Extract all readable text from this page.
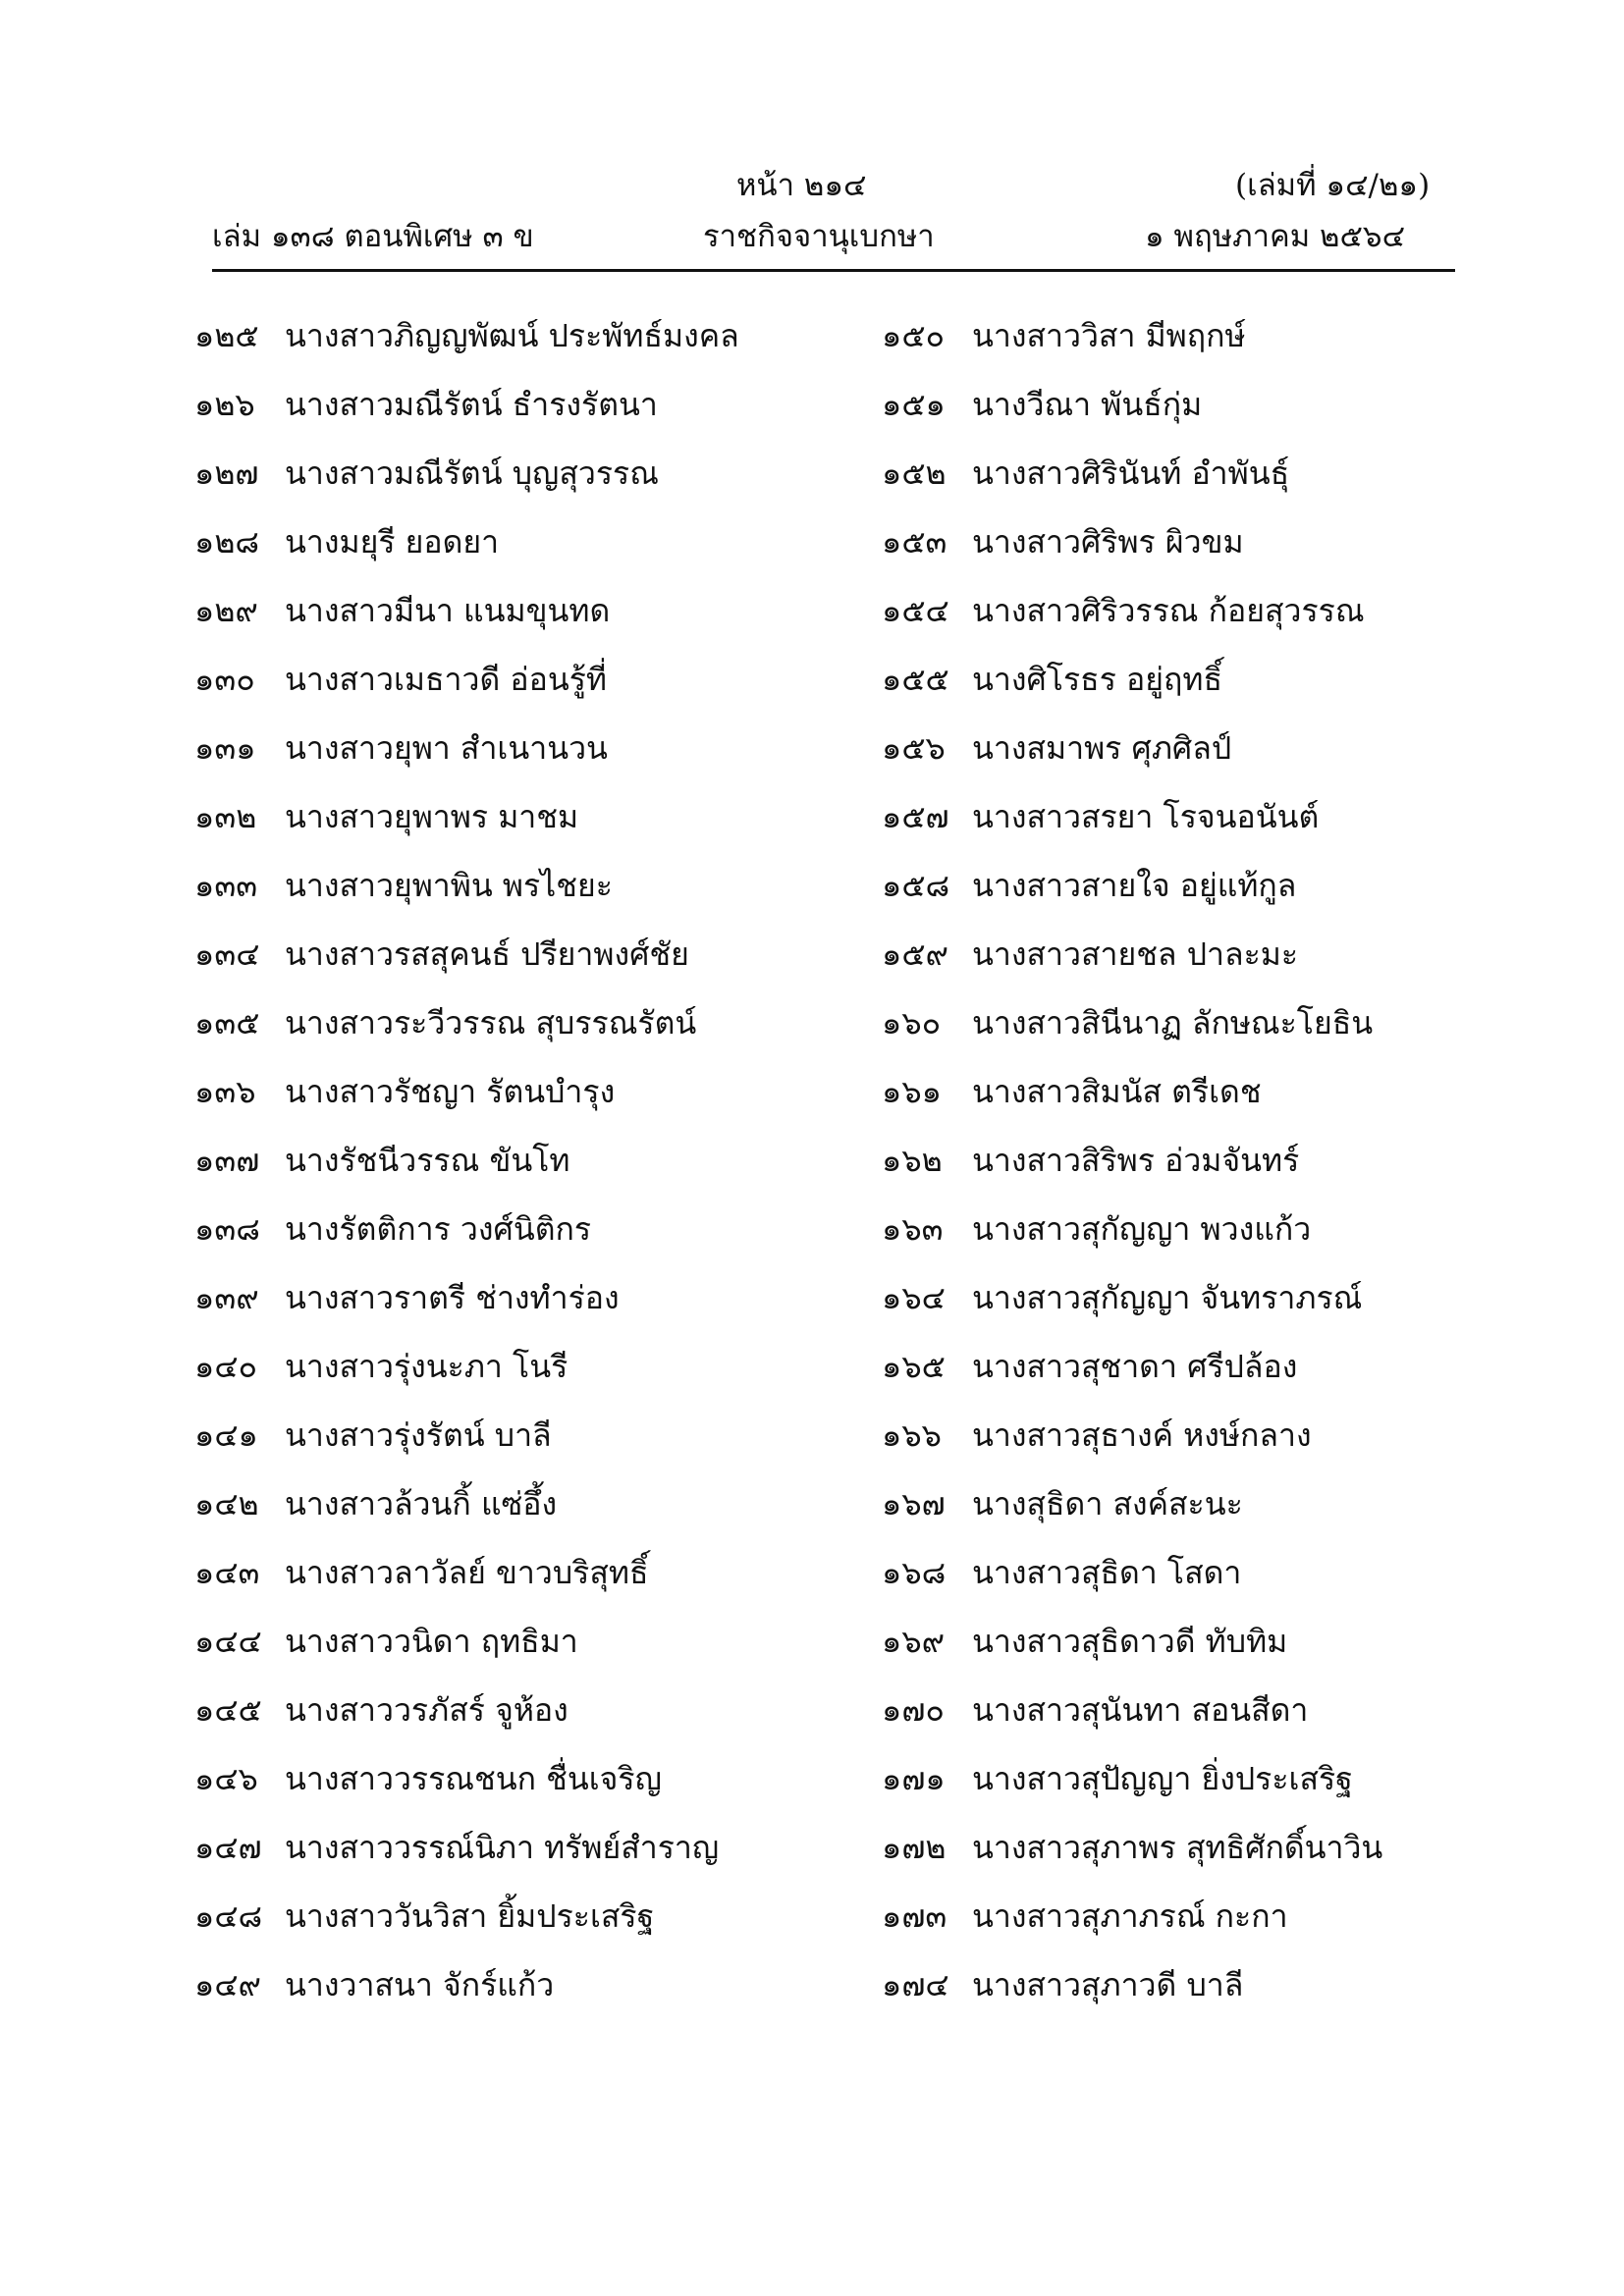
หน้า ๒๑๔	(เล่มที่ ๑๔/๒๑)
เล่ม ๑๓๘ ตอนพิเศษ ๓ ข	ราชกิจจานุเบกษา	๑ พฤษภาคม ๒๕๖๔
๑๒๕ นางสาวภิญญพัฒน์ ประพัทธ์มงคล
๑๒๖ นางสาวมณีรัตน์ ธำรงรัตนา
๑๒๗ นางสาวมณีรัตน์ บุญสุวรรณ
๑๒๘ นางมยุรี ยอดยา
๑๒๙ นางสาวมีนา แนมขุนทด
๑๓๐ นางสาวเมธาวดี อ่อนรู้ที่
๑๓๑ นางสาวยุพา สำเนานวน
๑๓๒ นางสาวยุพาพร มาชม
๑๓๓ นางสาวยุพาพิน พรไชยะ
๑๓๔ นางสาวรสสุคนธ์ ปรียาพงศ์ชัย
๑๓๕ นางสาวระวีวรรณ สุบรรณรัตน์
๑๓๖ นางสาวรัชญา รัตนบำรุง
๑๓๗ นางรัชนีวรรณ ขันโท
๑๓๘ นางรัตติการ วงศ์นิติกร
๑๓๙ นางสาวราตรี ช่างทำร่อง
๑๔๐ นางสาวรุ่งนะภา โนรี
๑๔๑ นางสาวรุ่งรัตน์ บาลี
๑๔๒ นางสาวล้วนกิ้ แซ่อึ้ง
๑๔๓ นางสาวลาวัลย์ ขาวบริสุทธิ์
๑๔๔ นางสาววนิดา ฤทธิมา
๑๔๕ นางสาววรภัสร์ จูห้อง
๑๔๖ นางสาววรรณชนก ชื่นเจริญ
๑๔๗ นางสาววรรณ์นิภา ทรัพย์สำราญ
๑๔๘ นางสาววันวิสา ยิ้มประเสริฐ
๑๔๙ นางวาสนา จักร์แก้ว
๑๕๐ นางสาววิสา มีพฤกษ์
๑๕๑ นางวีณา พันธ์กุ่ม
๑๕๒ นางสาวศิรินันท์ อำพันธุ์
๑๕๓ นางสาวศิริพร ผิวขม
๑๕๔ นางสาวศิริวรรณ ก้อยสุวรรณ
๑๕๕ นางศิโรธร อยู่ฤทธิ์
๑๕๖ นางสมาพร ศุภศิลป์
๑๕๗ นางสาวสรยา โรจนอนันต์
๑๕๘ นางสาวสายใจ อยู่แท้กูล
๑๕๙ นางสาวสายชล ปาละมะ
๑๖๐ นางสาวสินีนาฏ ลักษณะโยธิน
๑๖๑ นางสาวสิมนัส ตรีเดช
๑๖๒ นางสาวสิริพร อ่วมจันทร์
๑๖๓ นางสาวสุกัญญา พวงแก้ว
๑๖๔ นางสาวสุกัญญา จันทราภรณ์
๑๖๕ นางสาวสุชาดา ศรีปล้อง
๑๖๖ นางสาวสุธางค์ หงษ์กลาง
๑๖๗ นางสุธิดา สงค์สะนะ
๑๖๘ นางสาวสุธิดา โสดา
๑๖๙ นางสาวสุธิดาวดี ทับทิม
๑๗๐ นางสาวสุนันทา สอนสีดา
๑๗๑ นางสาวสุปัญญา ยิ่งประเสริฐ
๑๗๒ นางสาวสุภาพร สุทธิศักดิ์นาวิน
๑๗๓ นางสาวสุภาภรณ์ กะกา
๑๗๔ นางสาวสุภาวดี บาลี
